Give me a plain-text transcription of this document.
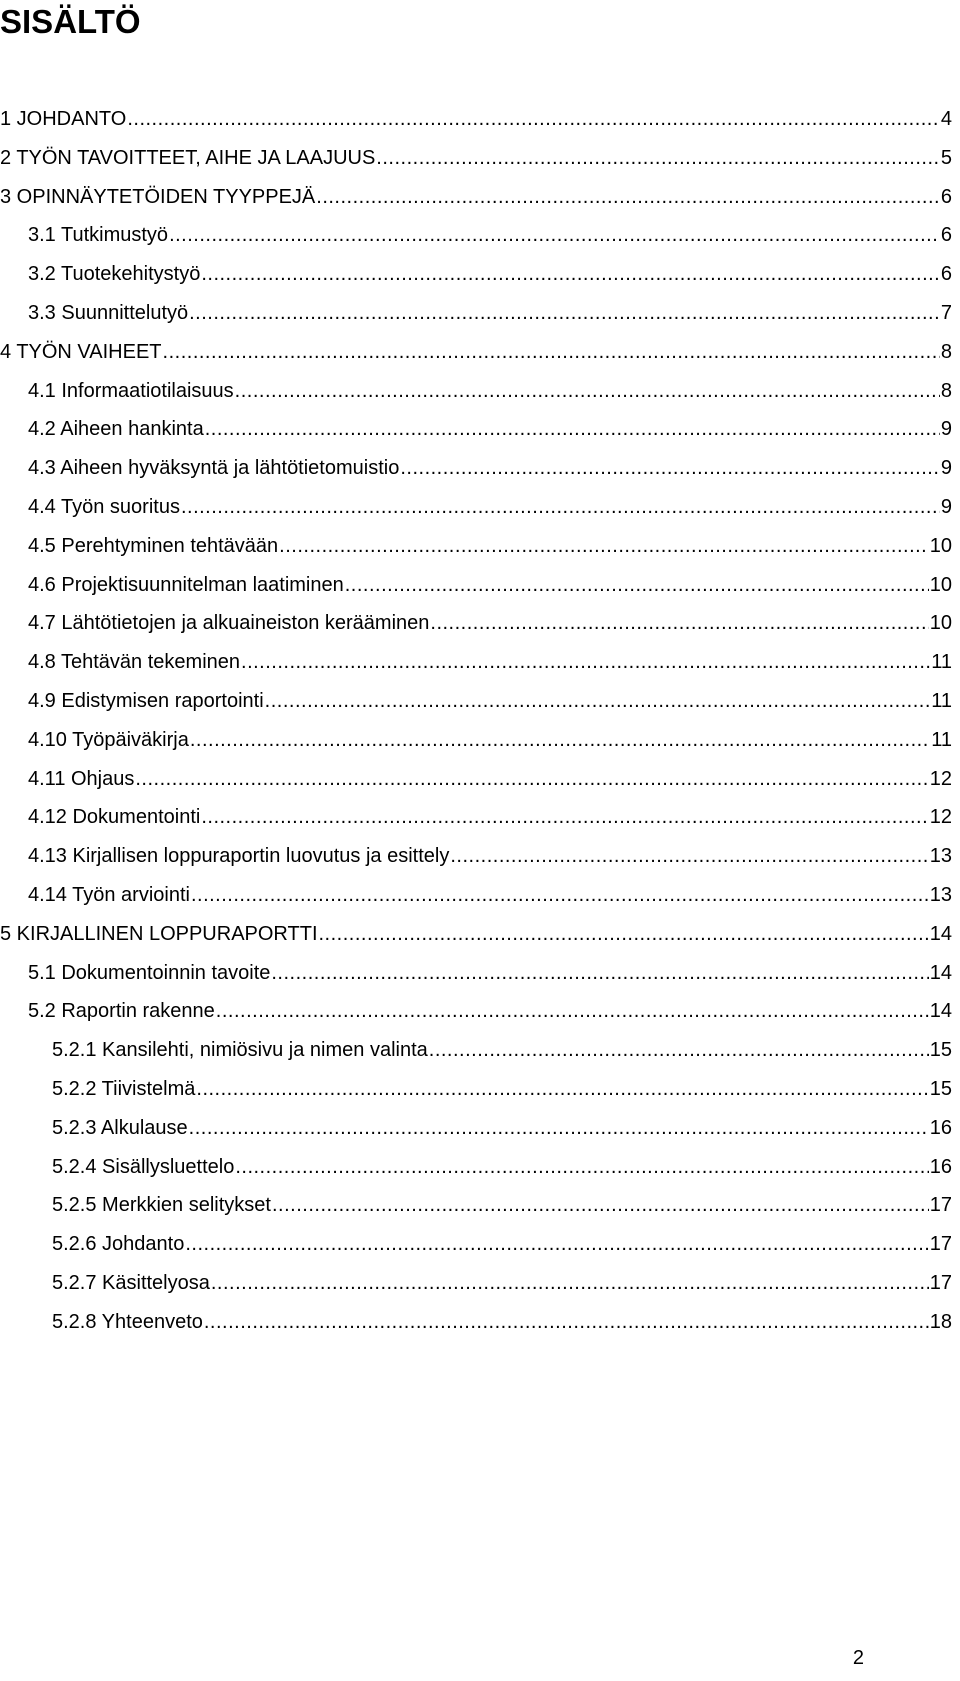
SISÄLTÖ
1 JOHDANTO .....	4
2 TYÖN TAVOITTEET, AIHE JA LAAJUUS .....	5
3 OPINNÄYTETÖIDEN TYYPPEJÄ .....	6
3.1 Tutkimustyö .....	6
3.2 Tuotekehitystyö .....	6
3.3 Suunnittelutyö .....	7
4 TYÖN VAIHEET .....	8
4.1 Informaatiotilaisuus .....	8
4.2 Aiheen hankinta .....	9
4.3 Aiheen hyväksyntä ja lähtötietomuistio .....	9
4.4 Työn suoritus .....	9
4.5 Perehtyminen tehtävään .....	10
4.6 Projektisuunnitelman laatiminen .....	10
4.7 Lähtötietojen ja alkuaineiston kerääminen .....	10
4.8 Tehtävän tekeminen .....	11
4.9 Edistymisen raportointi .....	11
4.10 Työpäiväkirja .....	11
4.11 Ohjaus .....	12
4.12 Dokumentointi .....	12
4.13 Kirjallisen loppuraportin luovutus ja esittely .....	13
4.14 Työn arviointi .....	13
5 KIRJALLINEN LOPPURAPORTTI .....	14
5.1 Dokumentoinnin tavoite .....	14
5.2 Raportin rakenne .....	14
5.2.1 Kansilehti, nimiösivu ja nimen valinta .....	15
5.2.2 Tiivistelmä .....	15
5.2.3 Alkulause .....	16
5.2.4 Sisällysluettelo .....	16
5.2.5 Merkkien selitykset .....	17
5.2.6 Johdanto .....	17
5.2.7 Käsittelyosa .....	17
5.2.8 Yhteenveto .....	18
2
